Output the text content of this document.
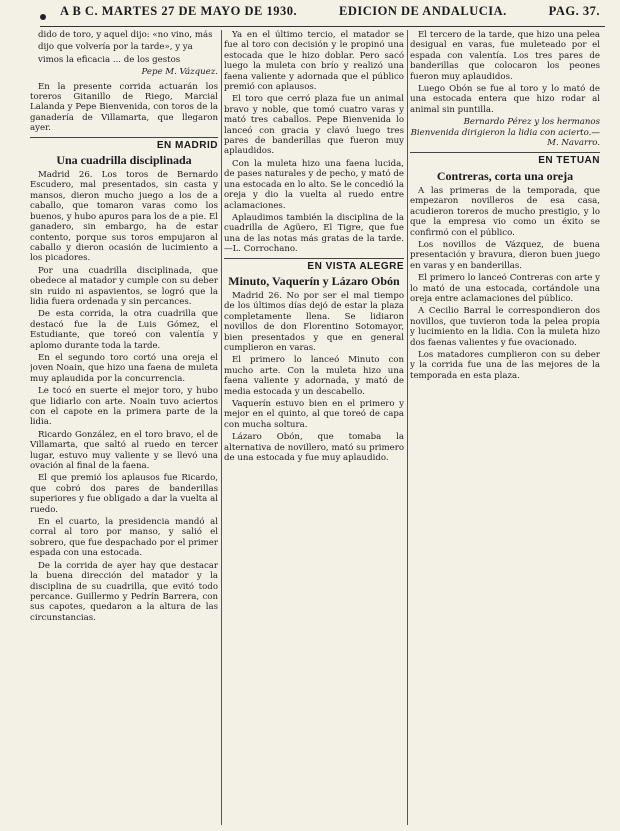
A B C. MARTES 27 DE MAYO DE 1930.	EDICION DE ANDALUCIA.	PAG. 37.

dido de toro, y aquel dijo: «no vino, más

dijo que volvería por la tarde», y ya

vimos la eficacia ... de los gestos

Pepe M. Vázquez.

En la presente corrida actuarán los toreros Gitanillo de Riego, Marcial Lalanda y Pepe Bienvenida, con toros de la ganadería de Villamarta, que llegaron ayer.

EN MADRID
Una cuadrilla disciplinada

Madrid 26. Los toros de Bernardo Escudero, mal presentados, sin casta y mansos, dieron mucho juego a los de a caballo, que tomaron varas como los buenos, y hubo apuros para los de a pie. El ganadero, sin embargo, ha de estar contento, porque sus toros empujaron al caballo y dieron ocasión de lucimiento a los picadores.

Por una cuadrilla disciplinada, que obedece al matador y cumple con su deber sin ruido ni aspavientos, se logró que la lidia fuera ordenada y sin percances.

De esta corrida, la otra cuadrilla que destacó fue la de Luis Gómez, el Estudiante, que toreó con valentía y aplomo durante toda la tarde.

En el segundo toro cortó una oreja el joven Noain, que hizo una faena de muleta muy aplaudida por la concurrencia.

Le tocó en suerte el mejor toro, y hubo que lidiarlo con arte. Noain tuvo aciertos con el capote en la primera parte de la lidia.

Ricardo González, en el toro bravo, el de Villamarta, que saltó al ruedo en tercer lugar, estuvo muy valiente y se llevó una ovación al final de la faena.

El que premió los aplausos fue Ricardo, que cobró dos pares de banderillas superiores y fue obligado a dar la vuelta al ruedo.

En el cuarto, la presidencia mandó al corral al toro por manso, y salió el sobrero, que fue despachado por el primer espada con una estocada.

De la corrida de ayer hay que destacar la buena dirección del matador y la disciplina de su cuadrilla, que evitó todo percance. Guillermo y Pedrín Barrera, con sus capotes, quedaron a la altura de las circunstancias.

Ya en el último tercio, el matador se fue al toro con decisión y le propinó una estocada que le hizo doblar. Pero sacó luego la muleta con brío y realizó una faena valiente y adornada que el público premió con aplausos.

El toro que cerró plaza fue un animal bravo y noble, que tomó cuatro varas y mató tres caballos. Pepe Bienvenida lo lanceó con gracia y clavó luego tres pares de banderillas que fueron muy aplaudidos.

Con la muleta hizo una faena lucida, de pases naturales y de pecho, y mató de una estocada en lo alto. Se le concedió la oreja y dio la vuelta al ruedo entre aclamaciones.

Aplaudimos también la disciplina de la cuadrilla de Agüero, El Tigre, que fue una de las notas más gratas de la tarde.—L. Corrochano.

EN VISTA ALEGRE
Minuto, Vaquerín y Lázaro Obón

Madrid 26. No por ser el mal tiempo de los últimos días dejó de estar la plaza completamente llena. Se lidiaron novillos de don Florentino Sotomayor, bien presentados y que en general cumplieron en varas.

El primero lo lanceó Minuto con mucho arte. Con la muleta hizo una faena valiente y adornada, y mató de media estocada y un descabello.

Vaquerín estuvo bien en el primero y mejor en el quinto, al que toreó de capa con mucha soltura.

Lázaro Obón, que tomaba la alternativa de novillero, mató su primero de una estocada y fue muy aplaudido.

El tercero de la tarde, que hizo una pelea desigual en varas, fue muleteado por el espada con valentía. Los tres pares de banderillas que colocaron los peones fueron muy aplaudidos.

Luego Obón se fue al toro y lo mató de una estocada entera que hizo rodar al animal sin puntilla.

Bernardo Pérez y los hermanos Bienvenida dirigieron la lidia con acierto.—M. Navarro.

EN TETUAN
Contreras, corta una oreja

A las primeras de la temporada, que empezaron novilleros de esa casa, acudieron toreros de mucho prestigio, y lo que la empresa vio como un éxito se confirmó con el público.

Los novillos de Vázquez, de buena presentación y bravura, dieron buen juego en varas y en banderillas.

El primero lo lanceó Contreras con arte y lo mató de una estocada, cortándole una oreja entre aclamaciones del público.

A Cecilio Barral le correspondieron dos novillos, que tuvieron toda la pelea propia y lucimiento en la lidia. Con la muleta hizo dos faenas valientes y fue ovacionado.

Los matadores cumplieron con su deber y la corrida fue una de las mejores de la temporada en esta plaza.
